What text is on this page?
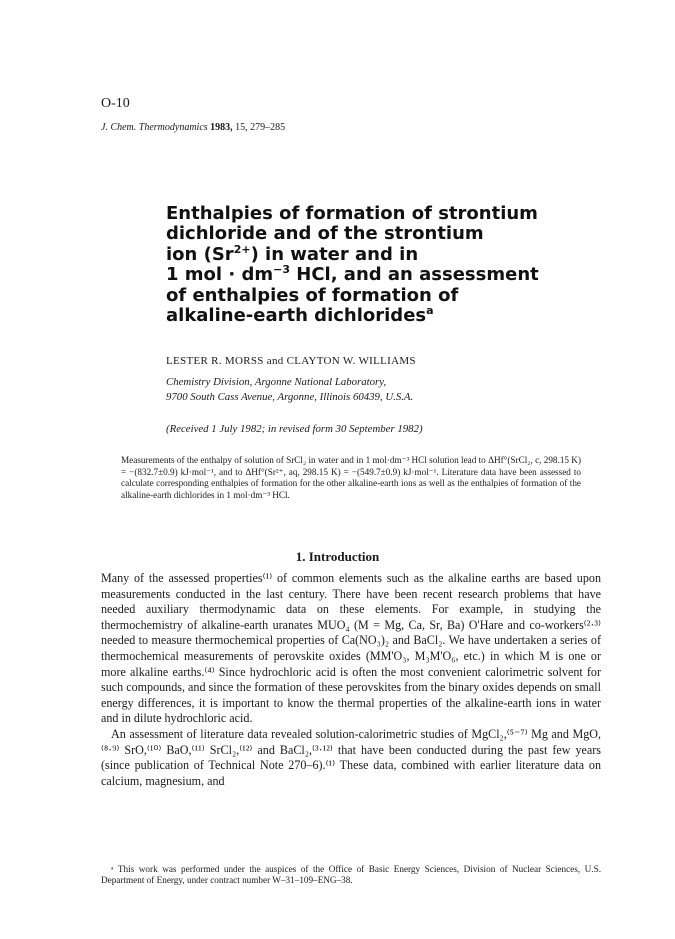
O-10
J. Chem. Thermodynamics 1983, 15, 279–285
Enthalpies of formation of strontium
dichloride and of the strontium
ion $(Sr^{2+})$ in water and in
1 mol · $dm^{-3}$ HCl, and an assessment
of enthalpies of formation of
alkaline-earth dichlorides$^a$
LESTER R. MORSS and CLAYTON W. WILLIAMS
Chemistry Division, Argonne National Laboratory,
9700 South Cass Avenue, Argonne, Illinois 60439, U.S.A.
(Received 1 July 1982; in revised form 30 September 1982)

Measurements of the enthalpy of solution of SrCl₂ in water and in 1 mol·dm⁻³ HCl solution lead to ΔHf°(SrCl₂, c, 298.15 K) = −(832.7±0.9) kJ·mol⁻¹, and to ΔHf°(Sr²⁺, aq, 298.15 K) = −(549.7±0.9) kJ·mol⁻¹. Literature data have been assessed to calculate corresponding enthalpies of formation for the other alkaline-earth ions as well as the enthalpies of formation of the alkaline-earth dichlorides in 1 mol·dm⁻³ HCl.

1. Introduction

Many of the assessed properties⁽¹⁾ of common elements such as the alkaline earths are based upon measurements conducted in the last century. There have been recent research problems that have needed auxiliary thermodynamic data on these elements. For example, in studying the thermochemistry of alkaline-earth uranates MUO₄ (M = Mg, Ca, Sr, Ba) O'Hare and co-workers⁽²·³⁾ needed to measure thermochemical properties of Ca(NO₃)₂ and BaCl₂. We have undertaken a series of thermochemical measurements of perovskite oxides (MM'O₃, M₃M'O₆, etc.) in which M is one or more alkaline earths.⁽⁴⁾ Since hydrochloric acid is often the most convenient calorimetric solvent for such compounds, and since the formation of these perovskites from the binary oxides depends on small energy differences, it is important to know the thermal properties of the alkaline-earth ions in water and in dilute hydrochloric acid.

An assessment of literature data revealed solution-calorimetric studies of MgCl₂,⁽⁵⁻⁷⁾ Mg and MgO,⁽⁸·⁹⁾ SrO,⁽¹⁰⁾ BaO,⁽¹¹⁾ SrCl₂,⁽¹²⁾ and BaCl₂,⁽³·¹²⁾ that have been conducted during the past few years (since publication of Technical Note 270–6).⁽¹⁾ These data, combined with earlier literature data on calcium, magnesium, and

ᵃ This work was performed under the auspices of the Office of Basic Energy Sciences, Division of Nuclear Sciences, U.S. Department of Energy, under contract number W–31–109–ENG–38.
